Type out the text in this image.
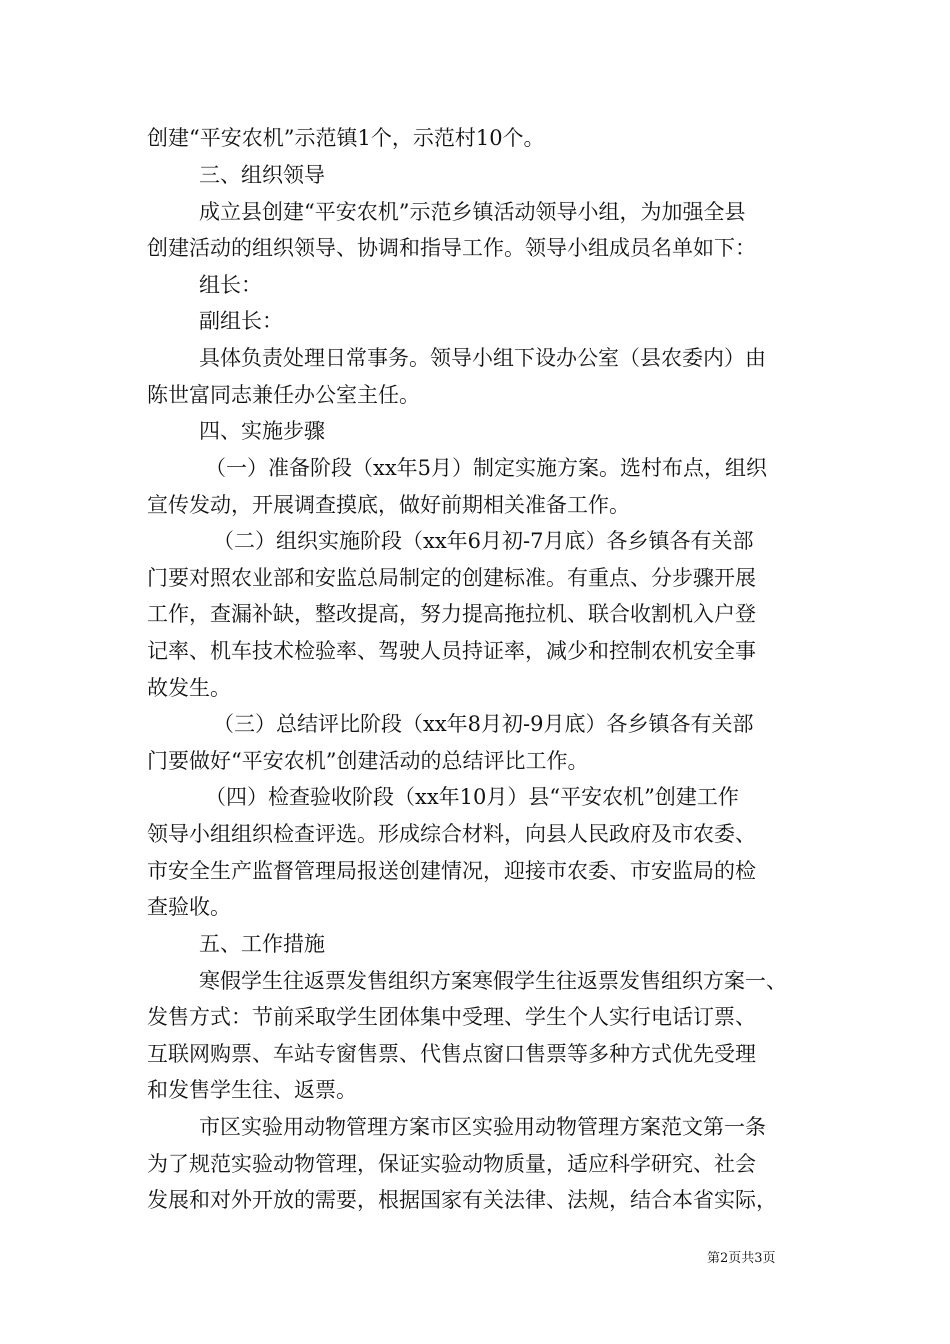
创建“平安农机”示范镇1个，示范村10个。
三、组织领导
成立县创建“平安农机”示范乡镇活动领导小组，为加强全县
创建活动的组织领导、协调和指导工作。领导小组成员名单如下：
组长：
副组长：
具体负责处理日常事务。领导小组下设办公室（县农委内）由
陈世富同志兼任办公室主任。
四、实施步骤
（一）准备阶段（xx年5月）制定实施方案。选村布点，组织
宣传发动，开展调查摸底，做好前期相关准备工作。
（二）组织实施阶段（xx年6月初-7月底）各乡镇各有关部
门要对照农业部和安监总局制定的创建标准。有重点、分步骤开展
工作，查漏补缺，整改提高，努力提高拖拉机、联合收割机入户登
记率、机车技术检验率、驾驶人员持证率，减少和控制农机安全事
故发生。
（三）总结评比阶段（xx年8月初-9月底）各乡镇各有关部
门要做好“平安农机”创建活动的总结评比工作。
（四）检查验收阶段（xx年10月）县“平安农机”创建工作
领导小组组织检查评选。形成综合材料，向县人民政府及市农委、
市安全生产监督管理局报送创建情况，迎接市农委、市安监局的检
查验收。
五、工作措施
寒假学生往返票发售组织方案寒假学生往返票发售组织方案一、
发售方式：节前采取学生团体集中受理、学生个人实行电话订票、
互联网购票、车站专窗售票、代售点窗口售票等多种方式优先受理
和发售学生往、返票。
市区实验用动物管理方案市区实验用动物管理方案范文第一条
为了规范实验动物管理，保证实验动物质量，适应科学研究、社会
发展和对外开放的需要，根据国家有关法律、法规，结合本省实际，
第2页共3页
